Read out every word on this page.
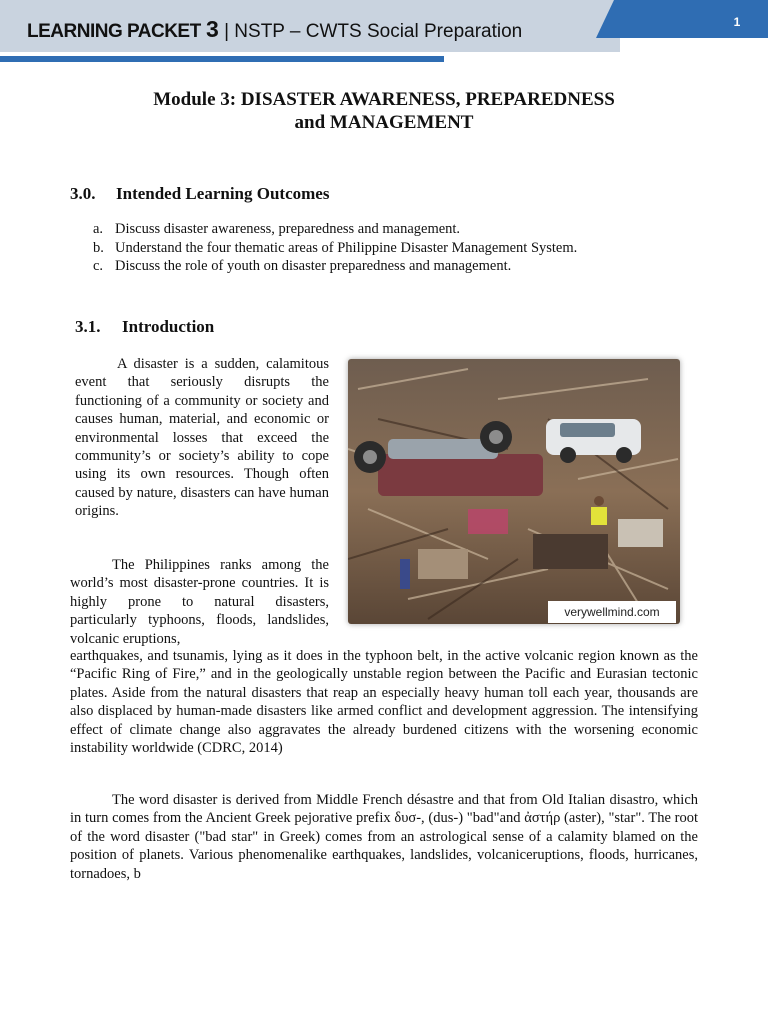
LEARNING PACKET 3 | NSTP – CWTS Social Preparation	1
Module 3: DISASTER AWARENESS, PREPAREDNESS
and MANAGEMENT
3.0. Intended Learning Outcomes
a. Discuss disaster awareness, preparedness and management.
b. Understand the four thematic areas of Philippine Disaster Management System.
c. Discuss the role of youth on disaster preparedness and management.
3.1. Introduction

A disaster is a sudden, calamitous event that seriously disrupts the functioning of a community or society and causes human, material, and economic or environmental losses that exceed the community’s or society’s ability to cope using its own resources. Though often caused by nature, disasters can have human origins.

The Philippines ranks among the world’s most disaster-prone countries. It is highly prone to natural disasters, particularly typhoons, floods, landslides, volcanic eruptions,

earthquakes, and tsunamis, lying as it does in the typhoon belt, in the active volcanic region known as the “Pacific Ring of Fire,” and in the geologically unstable region between the Pacific and Eurasian tectonic plates. Aside from the natural disasters that reap an especially heavy human toll each year, thousands are also displaced by human-made disasters like armed conflict and development aggression. The intensifying effect of climate change also aggravates the already burdened citizens with the worsening economic instability worldwide (CDRC, 2014)

The word disaster is derived from Middle French désastre and that from Old Italian disastro, which in turn comes from the Ancient Greek pejorative prefix δυσ-, (dus-) "bad"and ἀστήρ (aster), "star". The root of the word disaster ("bad star" in Greek) comes from an astrological sense of a calamity blamed on the position of planets. Various phenomenalike earthquakes, landslides, volcaniceruptions, floods, hurricanes, tornadoes, b

verywellmind.com
